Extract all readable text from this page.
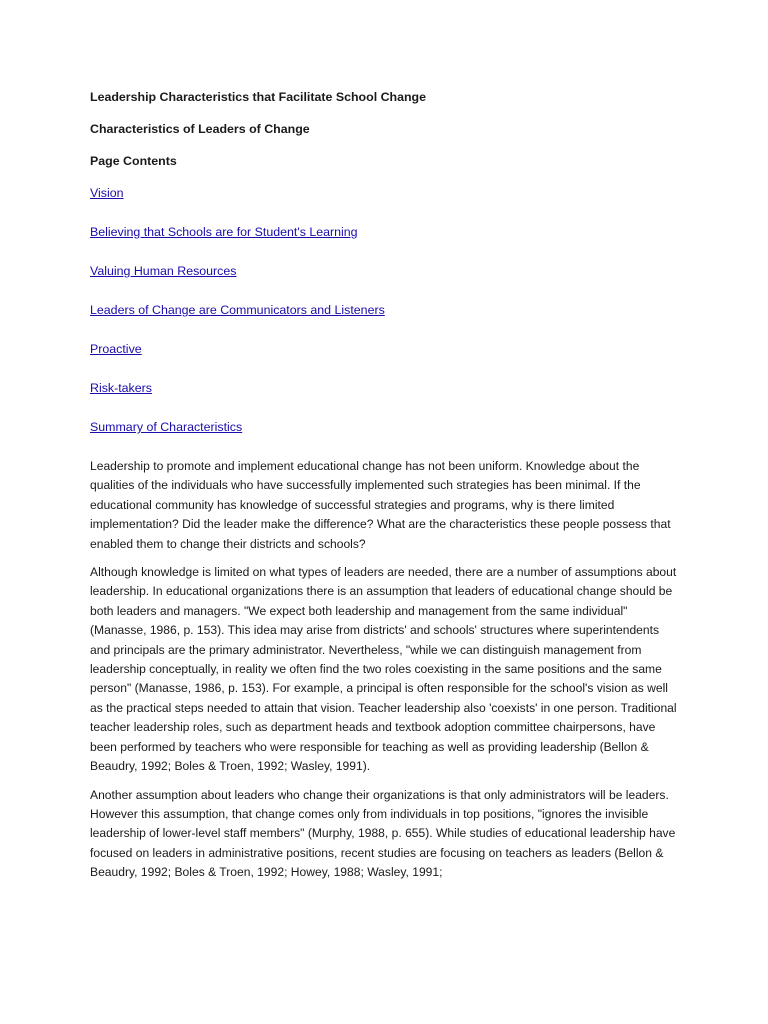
Leadership Characteristics that Facilitate School Change
Characteristics of Leaders of Change
Page Contents
Vision
Believing that Schools are for Student's Learning
Valuing Human Resources
Leaders of Change are Communicators and Listeners
Proactive
Risk-takers
Summary of Characteristics

Leadership to promote and implement educational change has not been uniform. Knowledge about the qualities of the individuals who have successfully implemented such strategies has been minimal. If the educational community has knowledge of successful strategies and programs, why is there limited implementation? Did the leader make the difference? What are the characteristics these people possess that enabled them to change their districts and schools?

Although knowledge is limited on what types of leaders are needed, there are a number of assumptions about leadership. In educational organizations there is an assumption that leaders of educational change should be both leaders and managers. "We expect both leadership and management from the same individual" (Manasse, 1986, p. 153). This idea may arise from districts' and schools' structures where superintendents and principals are the primary administrator. Nevertheless, "while we can distinguish management from leadership conceptually, in reality we often find the two roles coexisting in the same positions and the same person" (Manasse, 1986, p. 153). For example, a principal is often responsible for the school's vision as well as the practical steps needed to attain that vision. Teacher leadership also 'coexists' in one person. Traditional teacher leadership roles, such as department heads and textbook adoption committee chairpersons, have been performed by teachers who were responsible for teaching as well as providing leadership (Bellon & Beaudry, 1992; Boles & Troen, 1992; Wasley, 1991).

Another assumption about leaders who change their organizations is that only administrators will be leaders. However this assumption, that change comes only from individuals in top positions, "ignores the invisible leadership of lower-level staff members" (Murphy, 1988, p. 655). While studies of educational leadership have focused on leaders in administrative positions, recent studies are focusing on teachers as leaders (Bellon & Beaudry, 1992; Boles & Troen, 1992; Howey, 1988; Wasley, 1991;
